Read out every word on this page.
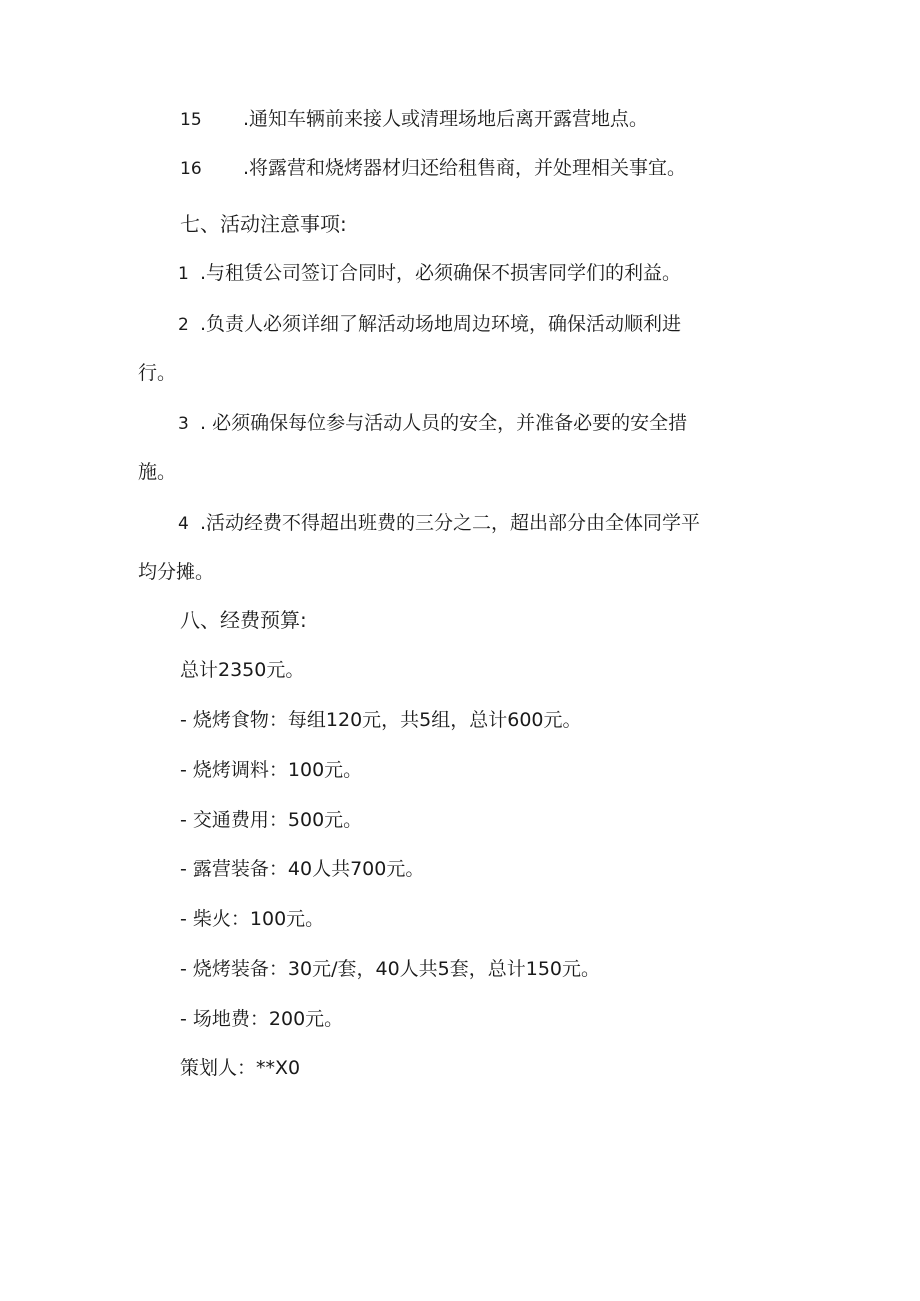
15 .通知车辆前来接人或清理场地后离开露营地点。
16 .将露营和烧烤器材归还给租售商，并处理相关事宜。
七、活动注意事项:
1 .与租赁公司签订合同时，必须确保不损害同学们的利益。
2 .负责人必须详细了解活动场地周边环境，确保活动顺利进
行。
3 . 必须确保每位参与活动人员的安全，并准备必要的安全措
施。
4 .活动经费不得超出班费的三分之二，超出部分由全体同学平
均分摊。
八、经费预算:
总计2350元。
- 烧烤食物：每组120元，共5组，总计600元。
- 烧烤调料：100元。
- 交通费用：500元。
- 露营装备：40人共700元。
- 柴火：100元。
- 烧烤装备：30元/套，40人共5套，总计150元。
- 场地费：200元。
策划人：**X0
